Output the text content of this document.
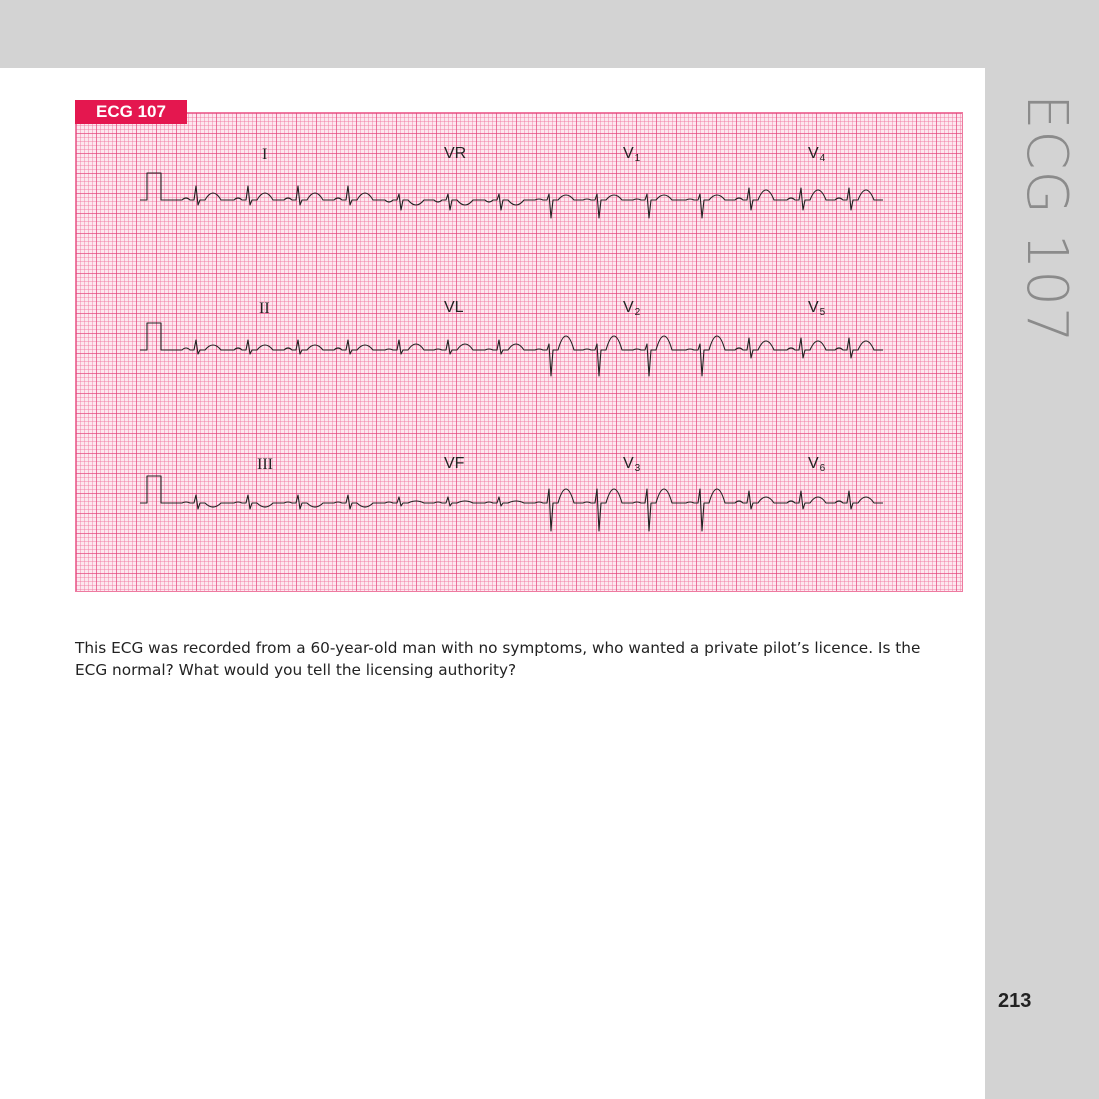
ECG 107
213
ECG 107
I	VR	$V_1$	$V_4$
II	VL	$V_2$	$V_5$
III	VF	$V_3$	$V_6$

This ECG was recorded from a 60-year-old man with no symptoms, who wanted a private pilot’s licence. Is the ECG normal? What would you tell the licensing authority?
